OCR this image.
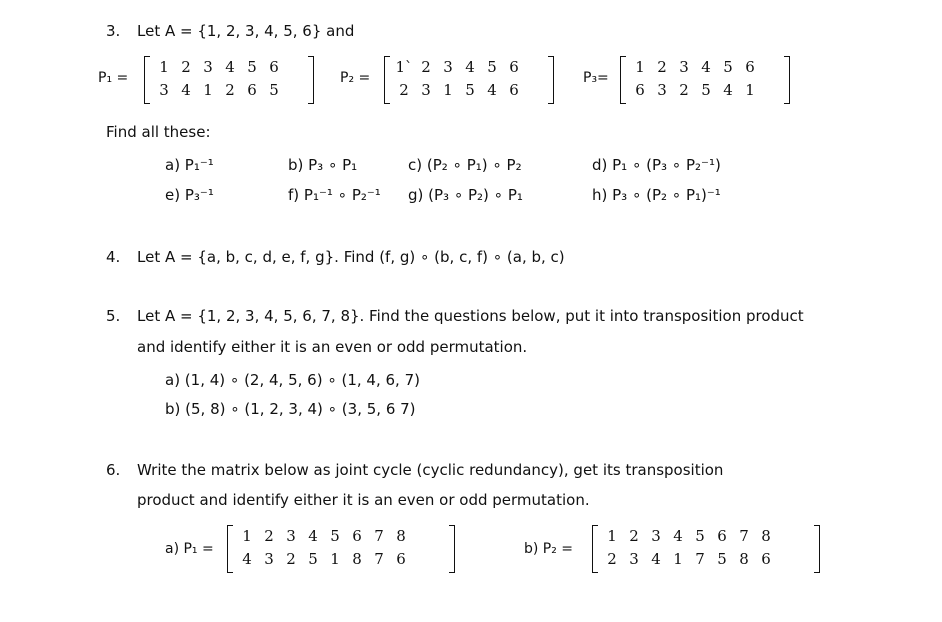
3. Let A = {1, 2, 3, 4, 5, 6} and
P₁ =
1 2 3 4 5 6
3 4 1 2 6 5
P₂ =
1` 2 3 4 5 6
2 3 1 5 4 6
P₃=
1 2 3 4 5 6
6 3 2 5 4 1
Find all these:
a) P₁⁻¹	b) P₃ ∘ P₁	c) (P₂ ∘ P₁) ∘ P₂	d) P₁ ∘ (P₃ ∘ P₂⁻¹)
e) P₃⁻¹	f) P₁⁻¹ ∘ P₂⁻¹ g) (P₃ ∘ P₂) ∘ P₁	h) P₃ ∘ (P₂ ∘ P₁)⁻¹
4. Let A = {a, b, c, d, e, f, g}. Find (f, g) ∘ (b, c, f) ∘ (a, b, c)
5. Let A = {1, 2, 3, 4, 5, 6, 7, 8}. Find the questions below, put it into transposition product
and identify either it is an even or odd permutation.
a) (1, 4) ∘ (2, 4, 5, 6) ∘ (1, 4, 6, 7)
b) (5, 8) ∘ (1, 2, 3, 4) ∘ (3, 5, 6 7)
6. Write the matrix below as joint cycle (cyclic redundancy), get its transposition
product and identify either it is an even or odd permutation.
a) P₁ =
1 2 3 4 5 6 7 8
4 3 2 5 1 8 7 6
b) P₂ =
1 2 3 4 5 6 7 8
2 3 4 1 7 5 8 6
